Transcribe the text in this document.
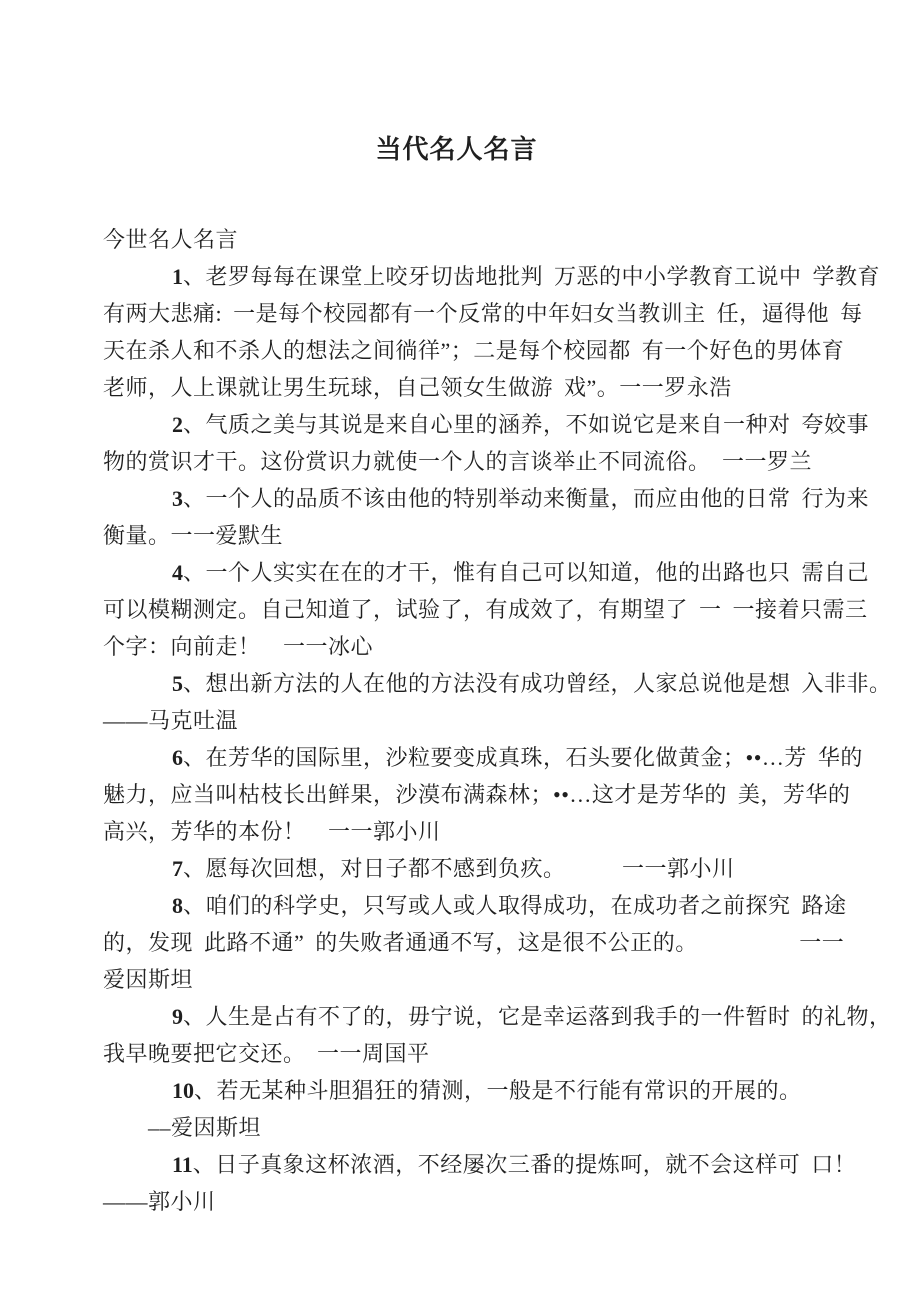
当代名人名言
今世名人名言
1、老罗每每在课堂上咬牙切齿地批判 万恶的中小学教育工说中 学教育
有两大悲痛: 一是每个校园都有一个反常的中年妇女当教训主 任，逼得他 每
天在杀人和不杀人的想法之间徜徉”；二是每个校园都 有一个好色的男体育
老师，人上课就让男生玩球，自己领女生做游 戏”。一一罗永浩
2、气质之美与其说是来自心里的涵养，不如说它是来自一种对 夸姣事
物的赏识才干。这份赏识力就使一个人的言谈举止不同流俗。　一一罗兰
3、一个人的品质不该由他的特别举动来衡量，而应由他的日常 行为来
衡量。一一爱默生
4、一个人实实在在的才干，惟有自己可以知道，他的出路也只 需自己
可以模糊测定。自己知道了，试验了，有成效了，有期望了 一 一接着只需三
个字：向前走！　一一冰心
5、想出新方法的人在他的方法没有成功曾经，人家总说他是想 入非非。
——马克吐温
6、在芳华的国际里，沙粒要变成真珠，石头要化做黄金；••…芳 华的
魅力，应当叫枯枝长出鲜果，沙漠布满森林；••…这才是芳华的 美，芳华的
高兴，芳华的本份！　一一郭小川
7、愿每次回想，对日子都不感到负疚。　　　一一郭小川
8、咱们的科学史，只写或人或人取得成功，在成功者之前探究 路途
的，发现 此路不通” 的失败者通通不写，这是很不公正的。　　　　　一一
爱因斯坦
9、人生是占有不了的，毋宁说，它是幸运落到我手的一件暂时 的礼物，
我早晚要把它交还。　一一周国平
10、若无某种斗胆猖狂的猜测，一般是不行能有常识的开展的。
　　––爱因斯坦
11、日子真象这杯浓酒，不经屡次三番的提炼呵，就不会这样可 口！
——郭小川
